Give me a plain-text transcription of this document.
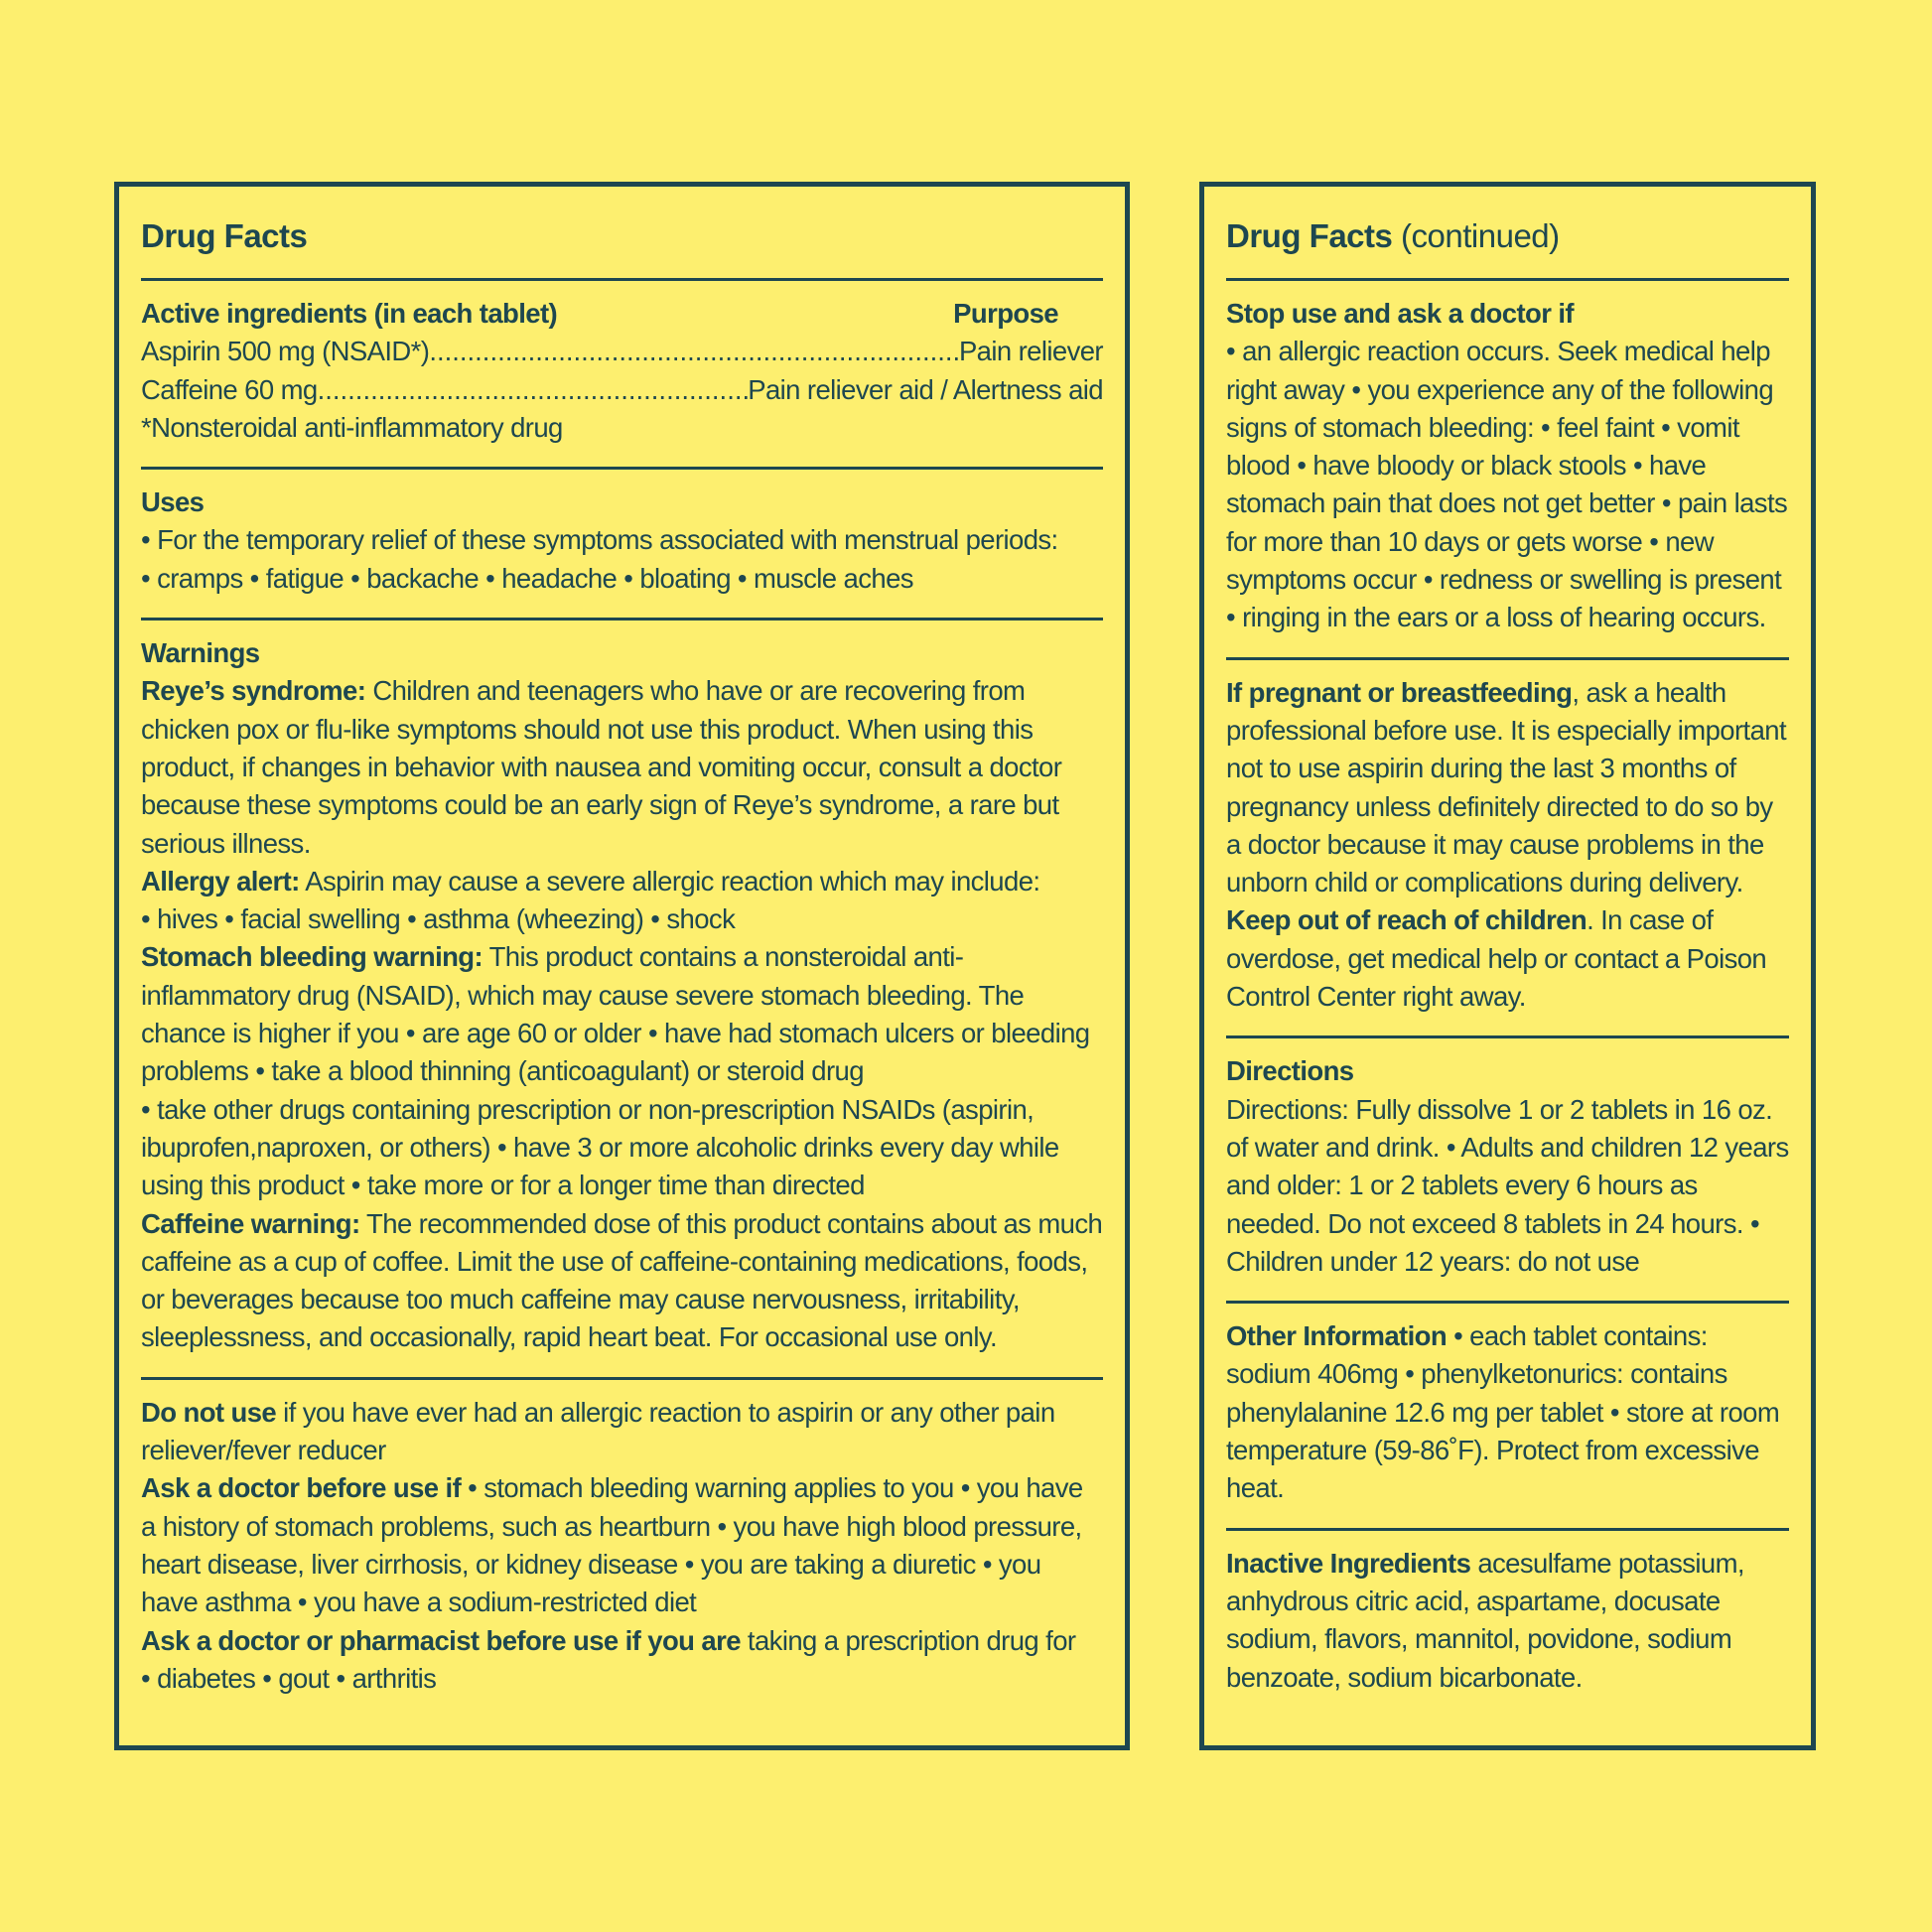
Drug Facts
Active ingredients (in each tablet)	Purpose
Aspirin 500 mg (NSAID*) .....	Pain reliever
Caffeine 60 mg .....	Pain reliever aid / Alertness aid

*Nonsteroidal anti-inflammatory drug

Uses

• For the temporary relief of these symptoms associated with menstrual periods:

• cramps • fatigue • backache • headache • bloating • muscle aches

Warnings

Reye’s syndrome: Children and teenagers who have or are recovering from chicken pox or flu-like symptoms should not use this product. When using this product, if changes in behavior with nausea and vomiting occur, consult a doctor because these symptoms could be an early sign of Reye’s syndrome, a rare but serious illness.

Allergy alert: Aspirin may cause a severe allergic reaction which may include:

• hives • facial swelling • asthma (wheezing) • shock

Stomach bleeding warning: This product contains a nonsteroidal anti-inflammatory drug (NSAID), which may cause severe stomach bleeding. The chance is higher if you • are age 60 or older • have had stomach ulcers or bleeding problems • take a blood thinning (anticoagulant) or steroid drug

• take other drugs containing prescription or non-prescription NSAIDs (aspirin, ibuprofen,naproxen, or others) • have 3 or more alcoholic drinks every day while using this product • take more or for a longer time than directed

Caffeine warning: The recommended dose of this product contains about as much caffeine as a cup of coffee. Limit the use of caffeine-containing medications, foods, or beverages because too much caffeine may cause nervousness, irritability, sleeplessness, and occasionally, rapid heart beat. For occasional use only.

Do not use if you have ever had an allergic reaction to aspirin or any other pain reliever/fever reducer

Ask a doctor before use if • stomach bleeding warning applies to you • you have a history of stomach problems, such as heartburn • you have high blood pressure, heart disease, liver cirrhosis, or kidney disease • you are taking a diuretic • you have asthma • you have a sodium-restricted diet

Ask a doctor or pharmacist before use if you are taking a prescription drug for

• diabetes • gout • arthritis

Drug Facts (continued)

Stop use and ask a doctor if

• an allergic reaction occurs. Seek medical help right away • you experience any of the following signs of stomach bleeding: • feel faint • vomit blood • have bloody or black stools • have stomach pain that does not get better • pain lasts for more than 10 days or gets worse • new symptoms occur • redness or swelling is present • ringing in the ears or a loss of hearing occurs.

If pregnant or breastfeeding, ask a health professional before use. It is especially important not to use aspirin during the last 3 months of pregnancy unless definitely directed to do so by a doctor because it may cause problems in the unborn child or complications during delivery.

Keep out of reach of children. In case of overdose, get medical help or contact a Poison Control Center right away.

Directions

Directions: Fully dissolve 1 or 2 tablets in 16 oz. of water and drink. • Adults and children 12 years and older: 1 or 2 tablets every 6 hours as needed. Do not exceed 8 tablets in 24 hours. • Children under 12 years: do not use

Other Information • each tablet contains: sodium 406mg • phenylketonurics: contains phenylalanine 12.6 mg per tablet • store at room temperature (59-86˚F). Protect from excessive heat.

Inactive Ingredients acesulfame potassium, anhydrous citric acid, aspartame, docusate sodium, flavors, mannitol, povidone, sodium benzoate, sodium bicarbonate.
